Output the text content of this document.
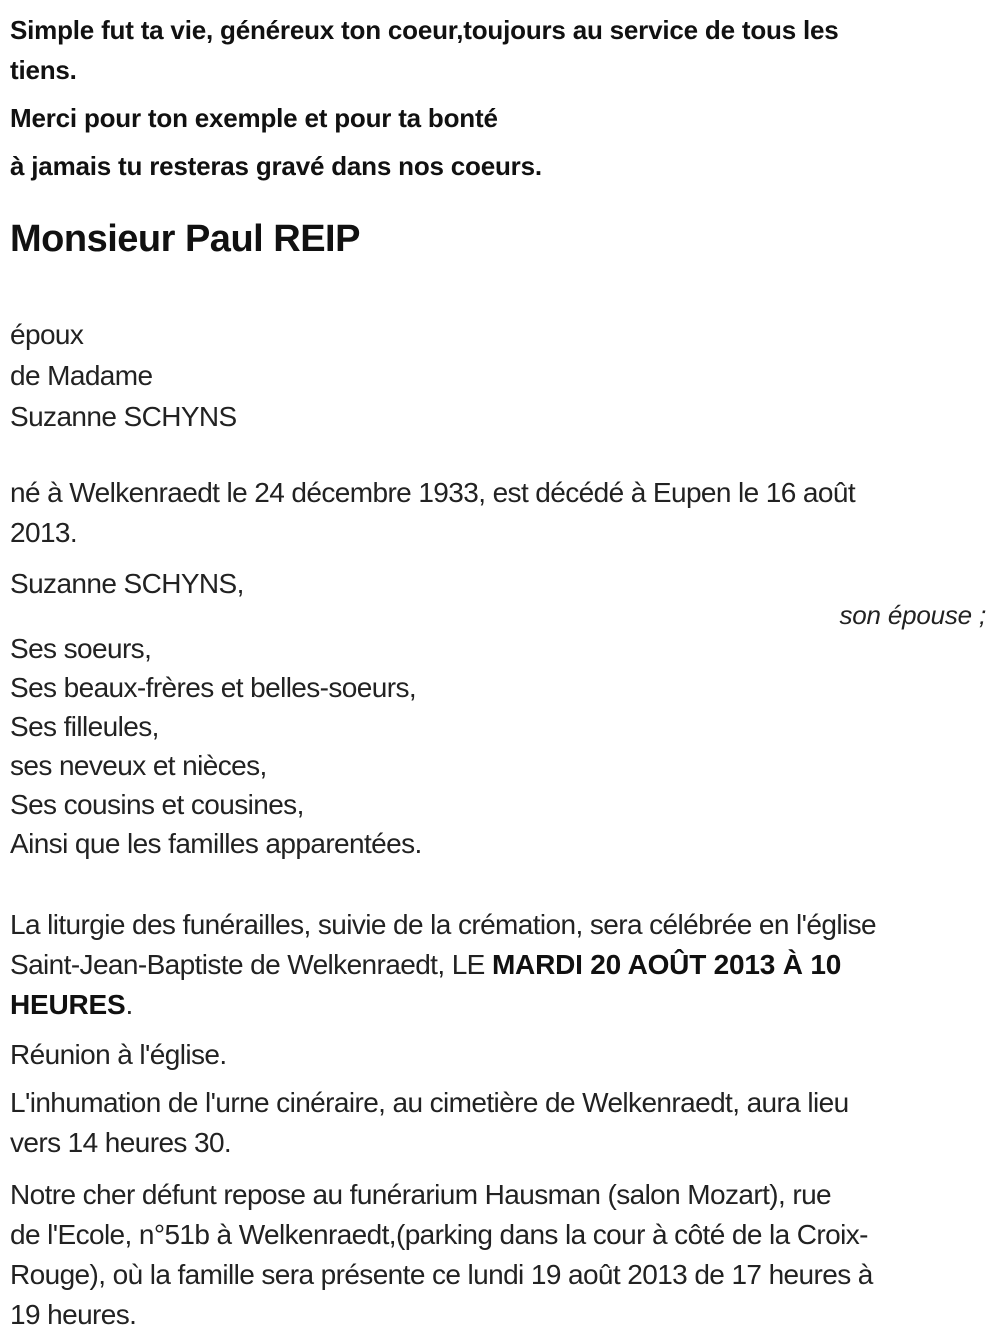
Simple fut ta vie, généreux ton coeur,toujours au service de tous les
tiens.
Merci pour ton exemple et pour ta bonté
à jamais tu resteras gravé dans nos coeurs.
Monsieur Paul REIP
époux
de Madame
Suzanne SCHYNS
né à Welkenraedt le 24 décembre 1933, est décédé à Eupen le 16 août
2013.
Suzanne SCHYNS,
son épouse ;
Ses soeurs,
Ses beaux-frères et belles-soeurs,
Ses filleules,
ses neveux et nièces,
Ses cousins et cousines,
Ainsi que les familles apparentées.
La liturgie des funérailles, suivie de la crémation, sera célébrée en l'église
Saint-Jean-Baptiste de Welkenraedt, LE MARDI 20 AOÛT 2013 À 10
HEURES.
Réunion à l'église.
L'inhumation de l'urne cinéraire, au cimetière de Welkenraedt, aura lieu
vers 14 heures 30.
Notre cher défunt repose au funérarium Hausman (salon Mozart), rue
de l'Ecole, n°51b à Welkenraedt,(parking dans la cour à côté de la Croix-
Rouge), où la famille sera présente ce lundi 19 août 2013 de 17 heures à
19 heures.
